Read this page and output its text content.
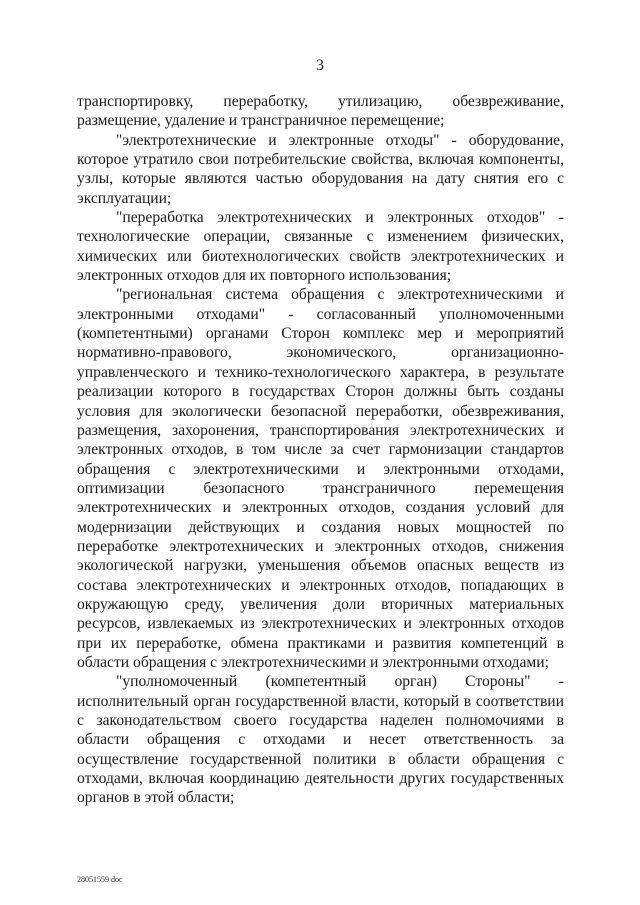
3

транспортировку, переработку, утилизацию, обезвреживание, размещение, удаление и трансграничное перемещение;

"электротехнические и электронные отходы" - оборудование, которое утратило свои потребительские свойства, включая компоненты, узлы, которые являются частью оборудования на дату снятия его с эксплуатации;

"переработка электротехнических и электронных отходов" - технологические операции, связанные с изменением физических, химических или биотехнологических свойств электротехнических и электронных отходов для их повторного использования;

"региональная система обращения с электротехническими и электронными отходами" - согласованный уполномоченными (компетентными) органами Сторон комплекс мер и мероприятий нормативно-правового, экономического, организационно-управленческого и технико-технологического характера, в результате реализации которого в государствах Сторон должны быть созданы условия для экологически безопасной переработки, обезвреживания, размещения, захоронения, транспортирования электротехнических и электронных отходов, в том числе за счет гармонизации стандартов обращения с электротехническими и электронными отходами, оптимизации безопасного трансграничного перемещения электротехнических и электронных отходов, создания условий для модернизации действующих и создания новых мощностей по переработке электротехнических и электронных отходов, снижения экологической нагрузки, уменьшения объемов опасных веществ из состава электротехнических и электронных отходов, попадающих в окружающую среду, увеличения доли вторичных материальных ресурсов, извлекаемых из электротехнических и электронных отходов при их переработке, обмена практиками и развития компетенций в области обращения с электротехническими и электронными отходами;

"уполномоченный (компетентный орган) Стороны" - исполнительный орган государственной власти, который в соответствии с законодательством своего государства наделен полномочиями в области обращения с отходами и несет ответственность за осуществление государственной политики в области обращения с отходами, включая координацию деятельности других государственных органов в этой области;

28051559 doc
